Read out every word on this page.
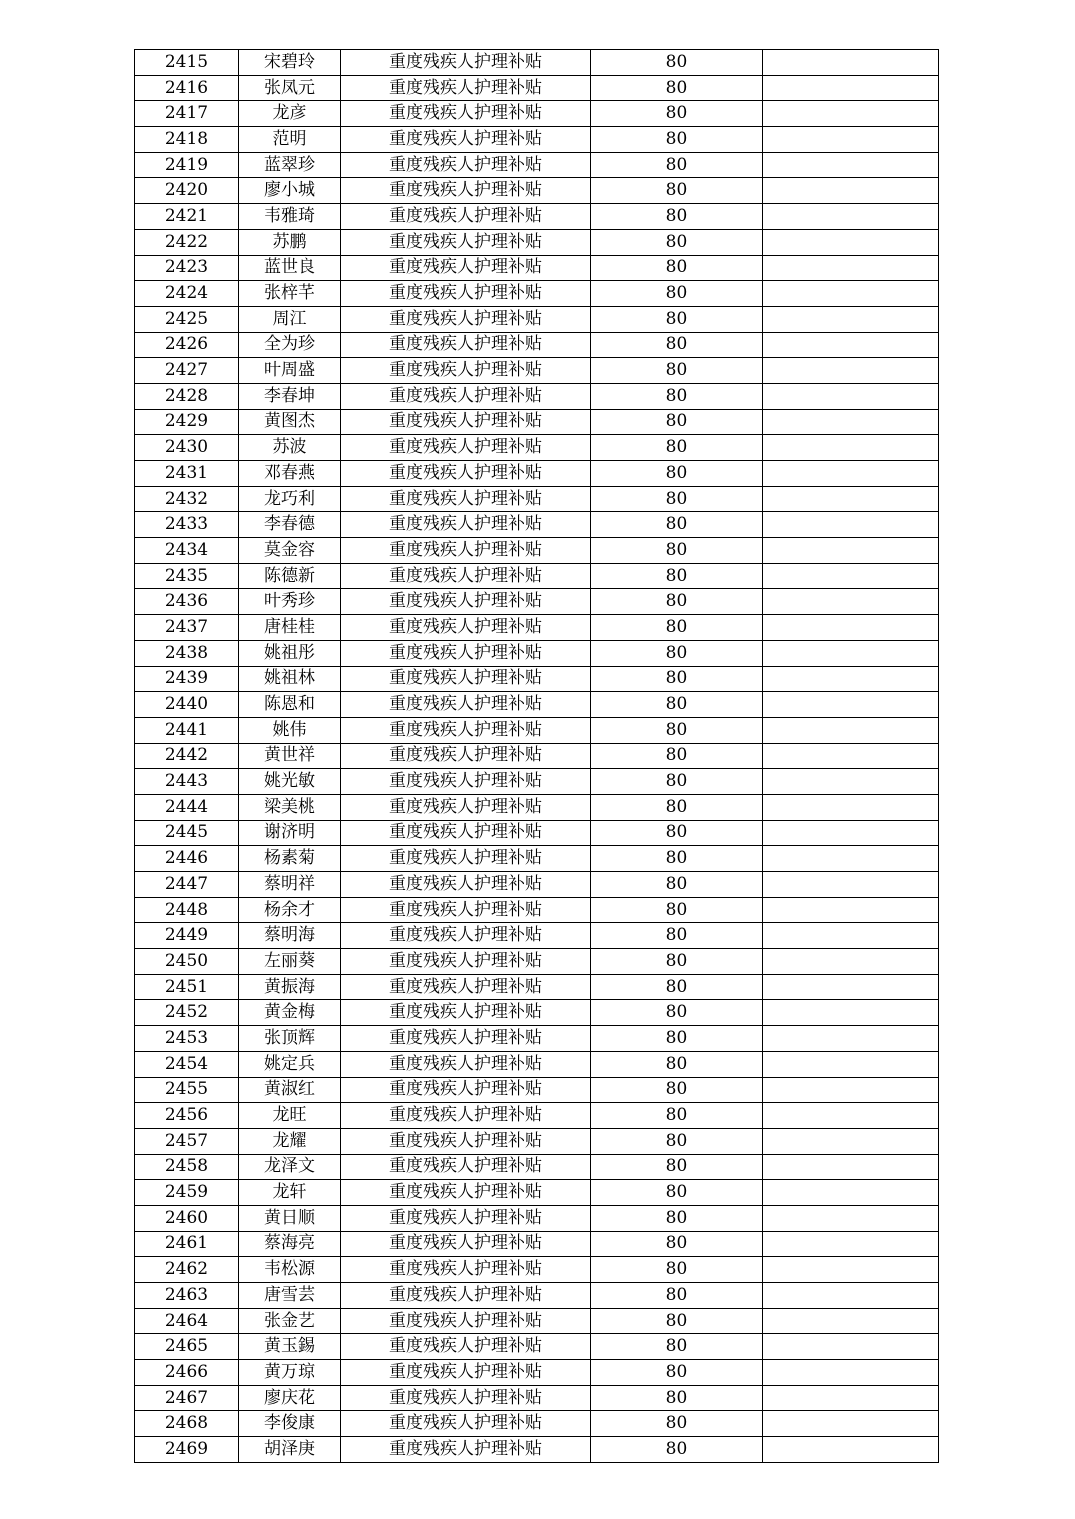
2415	宋碧玲	重度残疾人护理补贴	80	
2416	张凤元	重度残疾人护理补贴	80	
2417	龙彦	重度残疾人护理补贴	80	
2418	范明	重度残疾人护理补贴	80	
2419	蓝翠珍	重度残疾人护理补贴	80	
2420	廖小城	重度残疾人护理补贴	80	
2421	韦雅琦	重度残疾人护理补贴	80	
2422	苏鹏	重度残疾人护理补贴	80	
2423	蓝世良	重度残疾人护理补贴	80	
2424	张梓芊	重度残疾人护理补贴	80	
2425	周江	重度残疾人护理补贴	80	
2426	全为珍	重度残疾人护理补贴	80	
2427	叶周盛	重度残疾人护理补贴	80	
2428	李春坤	重度残疾人护理补贴	80	
2429	黄图杰	重度残疾人护理补贴	80	
2430	苏波	重度残疾人护理补贴	80	
2431	邓春燕	重度残疾人护理补贴	80	
2432	龙巧利	重度残疾人护理补贴	80	
2433	李春德	重度残疾人护理补贴	80	
2434	莫金容	重度残疾人护理补贴	80	
2435	陈德新	重度残疾人护理补贴	80	
2436	叶秀珍	重度残疾人护理补贴	80	
2437	唐桂桂	重度残疾人护理补贴	80	
2438	姚祖彤	重度残疾人护理补贴	80	
2439	姚祖林	重度残疾人护理补贴	80	
2440	陈恩和	重度残疾人护理补贴	80	
2441	姚伟	重度残疾人护理补贴	80	
2442	黄世祥	重度残疾人护理补贴	80	
2443	姚光敏	重度残疾人护理补贴	80	
2444	梁美桃	重度残疾人护理补贴	80	
2445	谢济明	重度残疾人护理补贴	80	
2446	杨素菊	重度残疾人护理补贴	80	
2447	蔡明祥	重度残疾人护理补贴	80	
2448	杨余才	重度残疾人护理补贴	80	
2449	蔡明海	重度残疾人护理补贴	80	
2450	左丽葵	重度残疾人护理补贴	80	
2451	黄振海	重度残疾人护理补贴	80	
2452	黄金梅	重度残疾人护理补贴	80	
2453	张顶辉	重度残疾人护理补贴	80	
2454	姚定兵	重度残疾人护理补贴	80	
2455	黄淑红	重度残疾人护理补贴	80	
2456	龙旺	重度残疾人护理补贴	80	
2457	龙耀	重度残疾人护理补贴	80	
2458	龙泽文	重度残疾人护理补贴	80	
2459	龙轩	重度残疾人护理补贴	80	
2460	黄日顺	重度残疾人护理补贴	80	
2461	蔡海亮	重度残疾人护理补贴	80	
2462	韦松源	重度残疾人护理补贴	80	
2463	唐雪芸	重度残疾人护理补贴	80	
2464	张金艺	重度残疾人护理补贴	80	
2465	黄玉錫	重度残疾人护理补贴	80	
2466	黄万琼	重度残疾人护理补贴	80	
2467	廖庆花	重度残疾人护理补贴	80	
2468	李俊康	重度残疾人护理补贴	80	
2469	胡泽庚	重度残疾人护理补贴	80	
